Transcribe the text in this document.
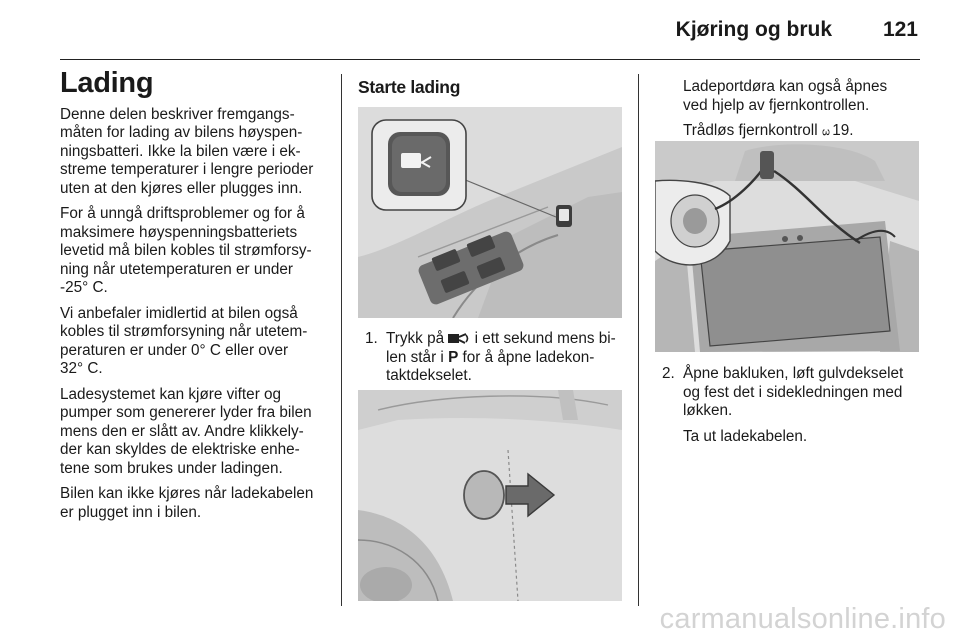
Kjøring og bruk 121
Lading

Denne delen beskriver fremgangs-
måten for lading av bilens høyspen-
ningsbatteri. Ikke la bilen være i ek-
streme temperaturer i lengre perioder
uten at den kjøres eller plugges inn.

For å unngå driftsproblemer og for å
maksimere høyspenningsbatteriets
levetid må bilen kobles til strømforsy-
ning når utetemperaturen er under
-25° C.

Vi anbefaler imidlertid at bilen også
kobles til strømforsyning når utetem-
peraturen er under 0° C eller over
32° C.

Ladesystemet kan kjøre vifter og
pumper som genererer lyder fra bilen
mens den er slått av. Andre klikkely-
der kan skyldes de elektriske enhe-
tene som brukes under ladingen.

Bilen kan ikke kjøres når ladekabelen
er plugget inn i bilen.

Starte lading
1. Trykk på  i ett sekund mens bi-
len står i P for å åpne ladekon-
taktdekselet.
Ladeportdøra kan også åpnes
ved hjelp av fjernkontrollen.
Trådløs fjernkontroll 3 19.
2. Åpne bakluken, løft gulvdekselet
og fest det i sidekledningen med
løkken.
Ta ut ladekabelen.
carmanualsonline.info
